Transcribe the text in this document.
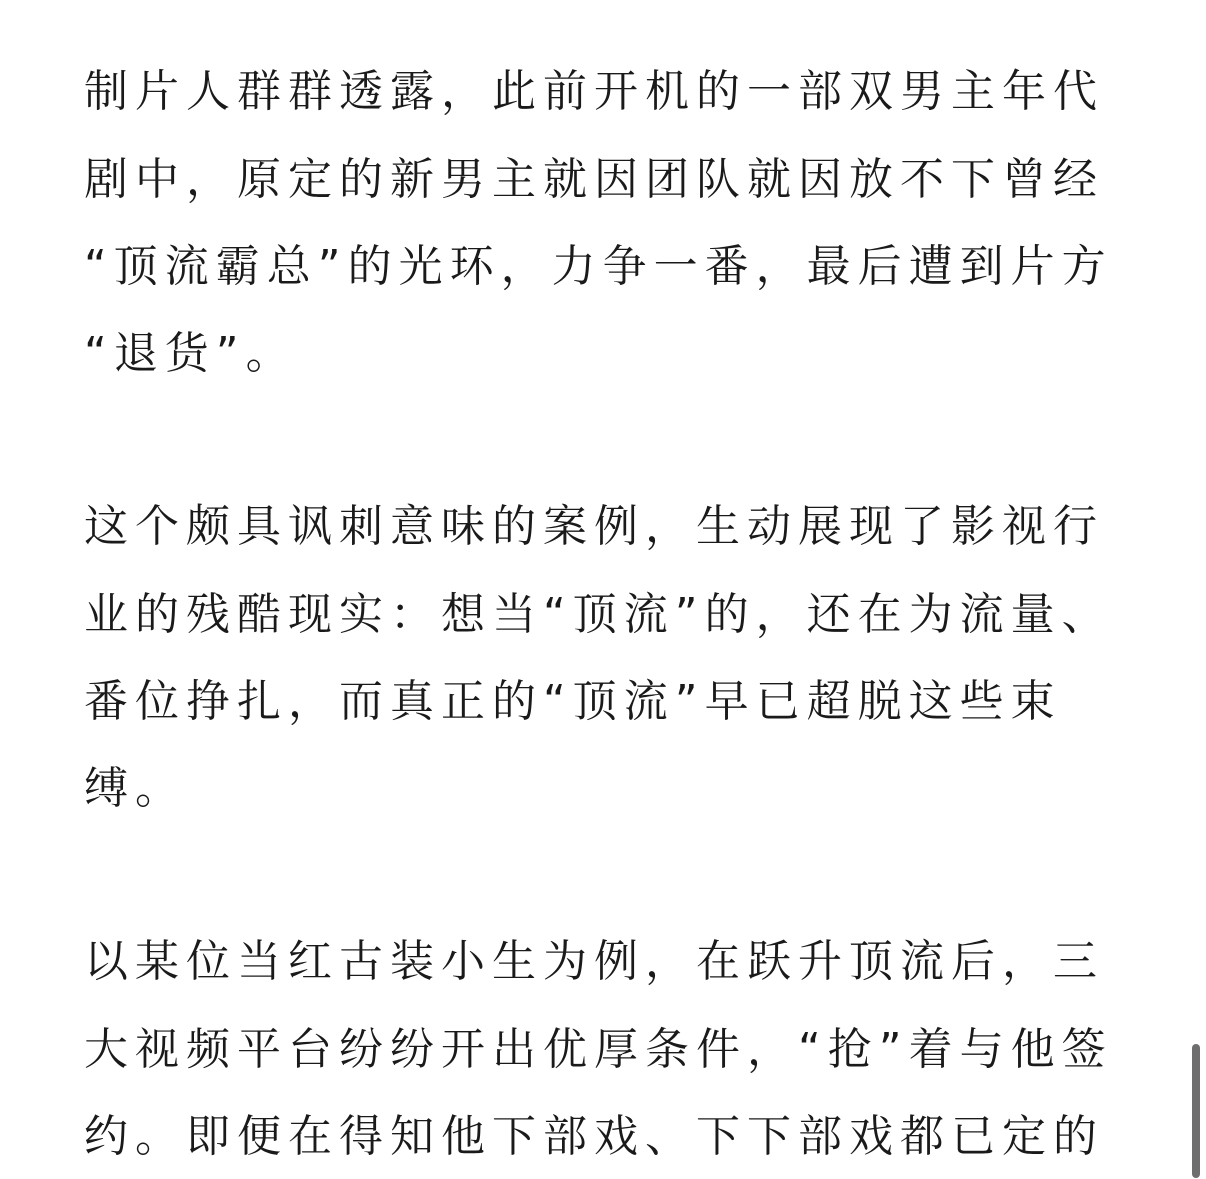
制片人群群透露，此前开机的一部双男主年代
剧中，原定的新男主就因团队就因放不下曾经
“顶流霸总”的光环，力争一番，最后遭到片方
“退货”。
这个颇具讽刺意味的案例，生动展现了影视行
业的残酷现实：想当“顶流”的，还在为流量、
番位挣扎，而真正的“顶流”早已超脱这些束
缚。
以某位当红古装小生为例，在跃升顶流后，三
大视频平台纷纷开出优厚条件，“抢”着与他签
约。即便在得知他下部戏、下下部戏都已定的
